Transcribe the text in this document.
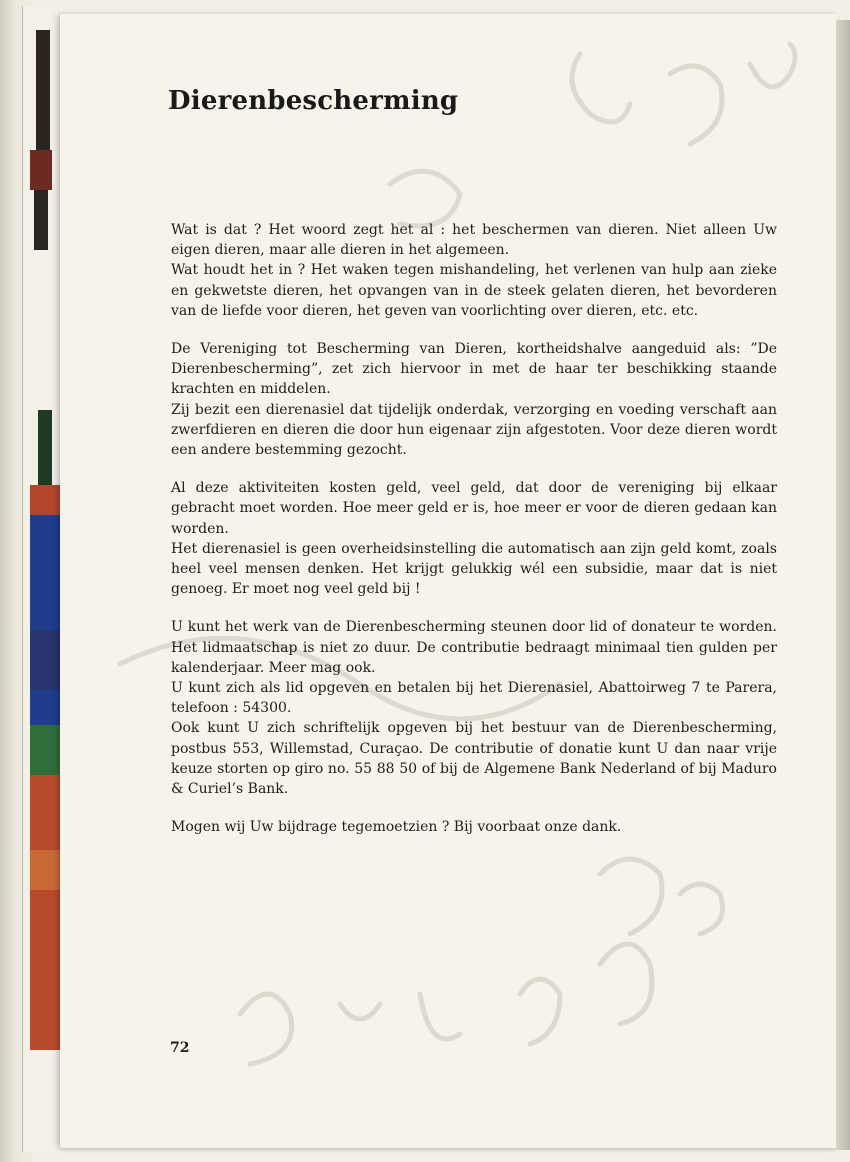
Dierenbescherming

Wat is dat ? Het woord zegt het al : het beschermen van dieren. Niet alleen Uw eigen dieren, maar alle dieren in het algemeen.

Wat houdt het in ? Het waken tegen mishandeling, het verlenen van hulp aan zieke en gekwetste dieren, het opvangen van in de steek gelaten dieren, het bevorderen van de liefde voor dieren, het geven van voorlichting over dieren, etc. etc.

De Vereniging tot Bescherming van Dieren, kortheidshalve aangeduid als: ”De Dierenbescherming”, zet zich hiervoor in met de haar ter beschikking staande krachten en middelen.

Zij bezit een dierenasiel dat tijdelijk onderdak, verzorging en voeding verschaft aan zwerfdieren en dieren die door hun eigenaar zijn afgestoten. Voor deze dieren wordt een andere bestemming gezocht.

Al deze aktiviteiten kosten geld, veel geld, dat door de vereniging bij elkaar gebracht moet worden. Hoe meer geld er is, hoe meer er voor de dieren gedaan kan worden.

Het dierenasiel is geen overheidsinstelling die automatisch aan zijn geld komt, zoals heel veel mensen denken. Het krijgt gelukkig wél een subsidie, maar dat is niet genoeg. Er moet nog veel geld bij !

U kunt het werk van de Dierenbescherming steunen door lid of donateur te worden. Het lidmaatschap is niet zo duur. De contributie bedraagt minimaal tien gulden per kalenderjaar. Meer mag ook.

U kunt zich als lid opgeven en betalen bij het Dierenasiel, Abattoirweg 7 te Parera, telefoon : 54300.

Ook kunt U zich schriftelijk opgeven bij het bestuur van de Dierenbescherming, postbus 553, Willemstad, Curaçao. De contributie of donatie kunt U dan naar vrije keuze storten op giro no. 55 88 50 of bij de Algemene Bank Nederland of bij Maduro & Curiel’s Bank.

Mogen wij Uw bijdrage tegemoetzien ? Bij voorbaat onze dank.

72
